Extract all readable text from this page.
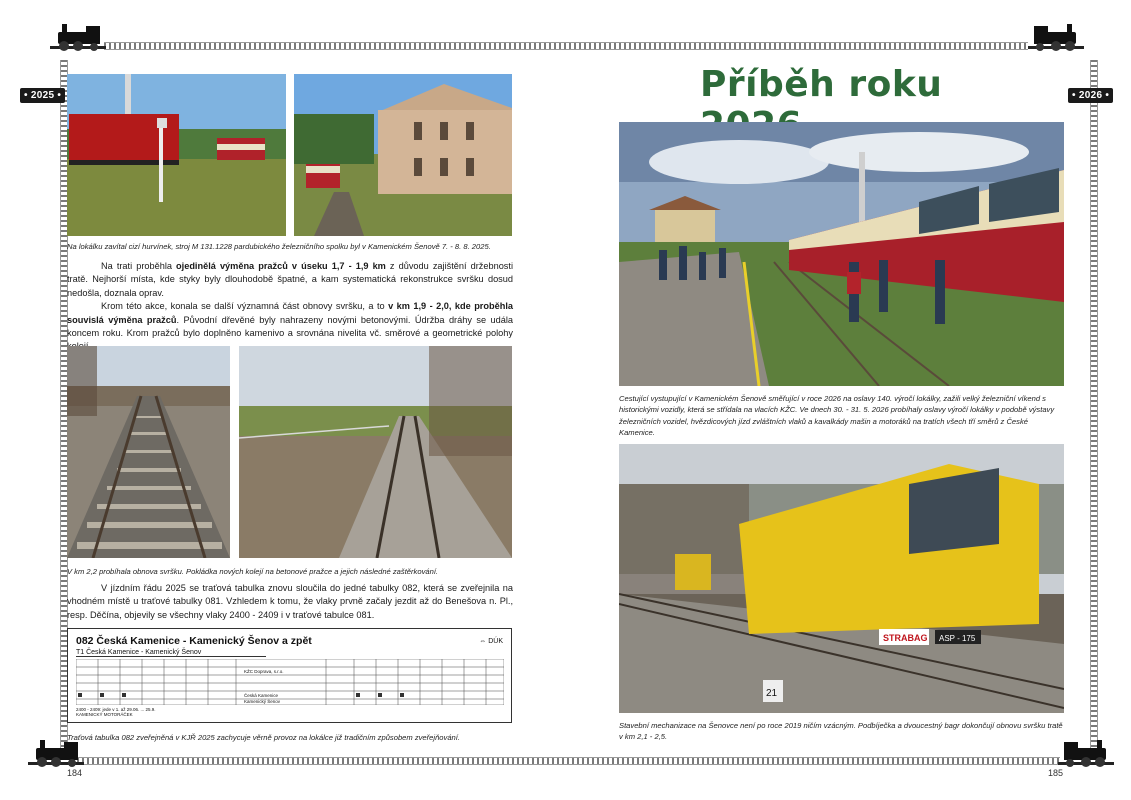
• 2025 •	• 2026 •
Na lokálku zavítal cizí hurvínek, stroj M 131.1228 pardubického železničního spolku byl v Kamenickém Šenově 7. - 8. 8. 2025.

Na trati proběhla ojedinělá výměna pražců v úseku 1,7 - 1,9 km z důvodu zajištění držebnosti tratě. Nejhorší místa, kde styky byly dlouhodobě špatné, a kam systematická rekonstrukce svršku dosud nedošla, doznala oprav.

Krom této akce, konala se další významná část obnovy svršku, a to v km 1,9 - 2,0, kde proběhla souvislá výměna pražců. Původní dřevěné byly nahrazeny novými betonovými. Údržba dráhy se udála koncem roku. Krom pražců bylo doplněno kamenivo a srovnána nivelita vč. směrové a geometrické polohy

V km 2,2 probíhala obnova svršku. Pokládka nových kolejí na betonové pražce a jejich následné zaštěrkování.

V jízdním řádu 2025 se traťová tabulka znovu sloučila do jedné tabulky 082, která se zveřejnila na vhodném místě u traťové tabulky 081. Vzhledem k tomu, že vlaky prvně začaly jezdit až do Benešova n. Pl., resp. Děčína, objevily se všechny vlaky 2400 - 2409 i v traťové tabulce 081.

082 Česká Kamenice - Kamenický Šenov a zpět	⇔ DÚK
T1 Česká Kamenice - Kamenický Šenov
KŽC Doprava, s.r.o.
Česká Kamenice
Kamenický Šenov
2400 - 2409: jede v 1. až 29.06. ... 25.9.
KAMENICKÝ MOTORÁČEK
Traťová tabulka 082 zveřejněná v KJŘ 2025 zachycuje věrně provoz na lokálce již tradičním způsobem zveřejňování.
184
Příběh roku
Cestující vystupující v Kamenickém Šenově směřující v roce 2026 na oslavy 140. výročí lokálky, zažili velký železniční víkend s historickými vozidly, která se střídala na vlacích KŽC. Ve dnech 30. - 31. 5. 2026 probíhaly oslavy výročí lokálky v podobě výstavy železničních vozidel, hvězdicových jízd zvláštních vlaků a kavalkády mašin a motoráků na tratích všech tří směrů z České Kamenice.
STRABAG ASP - 175
21
Stavební mechanizace na Šenovce není po roce 2019 ničím vzácným. Podbíječka a dvoucestný bagr dokončují obnovu svršku tratě v km 2,1 - 2,5.
185
